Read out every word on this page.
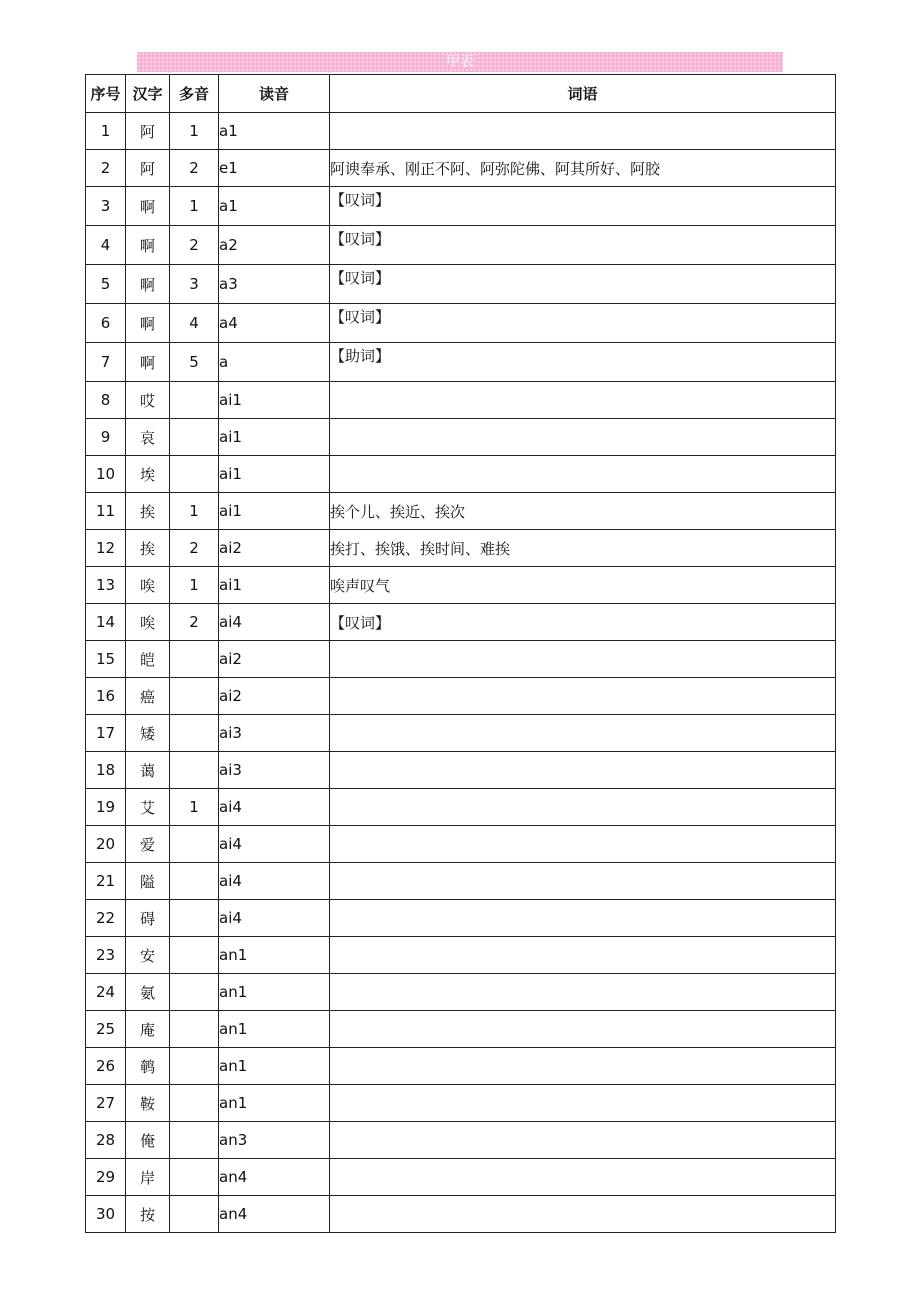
甲表
序号	汉字	多音	读音	词语
1	阿	1	a1	
2	阿	2	e1	阿谀奉承、刚正不阿、阿弥陀佛、阿其所好、阿胶
3	啊	1	a1	【叹词】
4	啊	2	a2	【叹词】
5	啊	3	a3	【叹词】
6	啊	4	a4	【叹词】
7	啊	5	a	【助词】
8	哎		ai1	
9	哀		ai1	
10	埃		ai1	
11	挨	1	ai1	挨个儿、挨近、挨次
12	挨	2	ai2	挨打、挨饿、挨时间、难挨
13	唉	1	ai1	唉声叹气
14	唉	2	ai4	【叹词】
15	皑		ai2	
16	癌		ai2	
17	矮		ai3	
18	蔼		ai3	
19	艾	1	ai4	
20	爱		ai4	
21	隘		ai4	
22	碍		ai4	
23	安		an1	
24	氨		an1	
25	庵		an1	
26	鹌		an1	
27	鞍		an1	
28	俺		an3	
29	岸		an4	
30	按		an4	
